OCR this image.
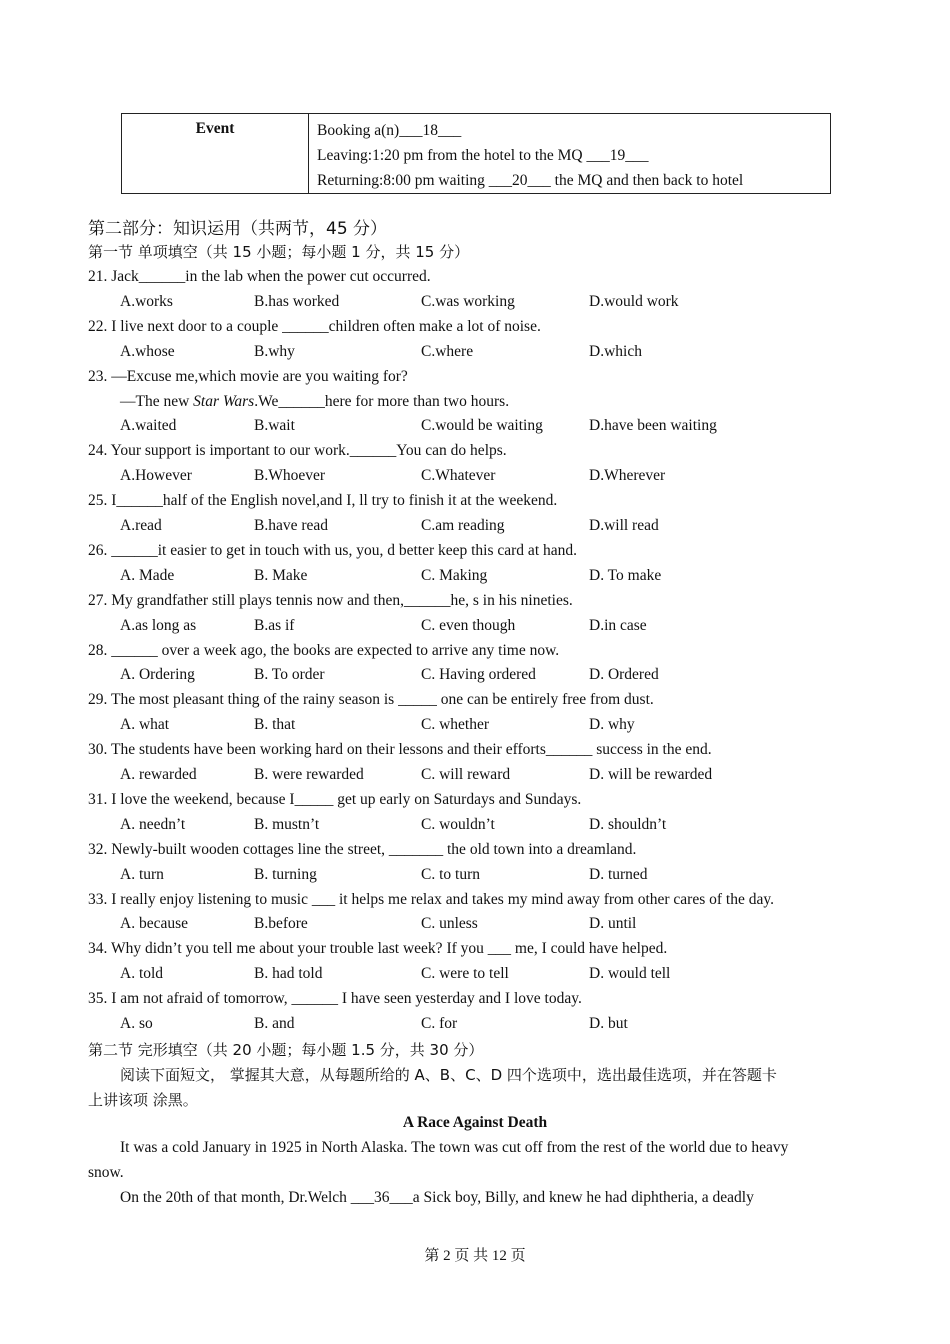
Event	Booking a(n)___18___
Leaving:1:20 pm from the hotel to the MQ ___19___
Returning:8:00 pm waiting ___20___ the MQ and then back to hotel
第二部分：知识运用（共两节，45 分）
第一节 单项填空（共 15 小题；每小题 1 分，共 15 分）
21. Jack______in the lab when the power cut occurred.
A.works	B.has worked	C.was working	D.would work
22. I live next door to a couple ______children often make a lot of noise.
A.whose	B.why	C.where	D.which
23. —Excuse me,which movie are you waiting for?
—The new Star Wars.We______here for more than two hours.
A.waited	B.wait	C.would be waiting	D.have been waiting
24. Your support is important to our work.______You can do helps.
A.However	B.Whoever	C.Whatever	D.Wherever
25. I______half of the English novel,and I, ll try to finish it at the weekend.
A.read	B.have read	C.am reading	D.will read
26. ______it easier to get in touch with us, you, d better keep this card at hand.
A. Made	B. Make	C. Making	D. To make
27. My grandfather still plays tennis now and then,______he, s in his nineties.
A.as long as	B.as if	C. even though	D.in case
28. ______ over a week ago, the books are expected to arrive any time now.
A. Ordering	B. To order	C. Having ordered	D. Ordered
29. The most pleasant thing of the rainy season is _____ one can be entirely free from dust.
A. what	B. that	C. whether	D. why
30. The students have been working hard on their lessons and their efforts______ success in the end.
A. rewarded	B. were rewarded	C. will reward	D. will be rewarded
31. I love the weekend, because I_____ get up early on Saturdays and Sundays.
A. needn’t	B. mustn’t	C. wouldn’t	D. shouldn’t
32. Newly-built wooden cottages line the street, _______ the old town into a dreamland.
A. turn	B. turning	C. to turn	D. turned
33. I really enjoy listening to music ___ it helps me relax and takes my mind away from other cares of the day.
A. because	B.before	C. unless	D. until
34. Why didn’t you tell me about your trouble last week? If you ___ me, I could have helped.
A. told	B. had told	C. were to tell	D. would tell
35. I am not afraid of tomorrow, ______ I have seen yesterday and I love today.
A. so	B. and	C. for	D. but
第二节 完形填空（共 20 小题；每小题 1.5 分，共 30 分）
阅读下面短文， 掌握其大意，从每题所给的 A、B、C、D 四个选项中，选出最佳选项，并在答题卡
上讲该项 涂黑。
A Race Against Death
It was a cold January in 1925 in North Alaska. The town was cut off from the rest of the world due to heavy
snow.
On the 20th of that month, Dr.Welch ___36___a Sick boy, Billy, and knew he had diphtheria, a deadly
第 2 页 共 12 页
